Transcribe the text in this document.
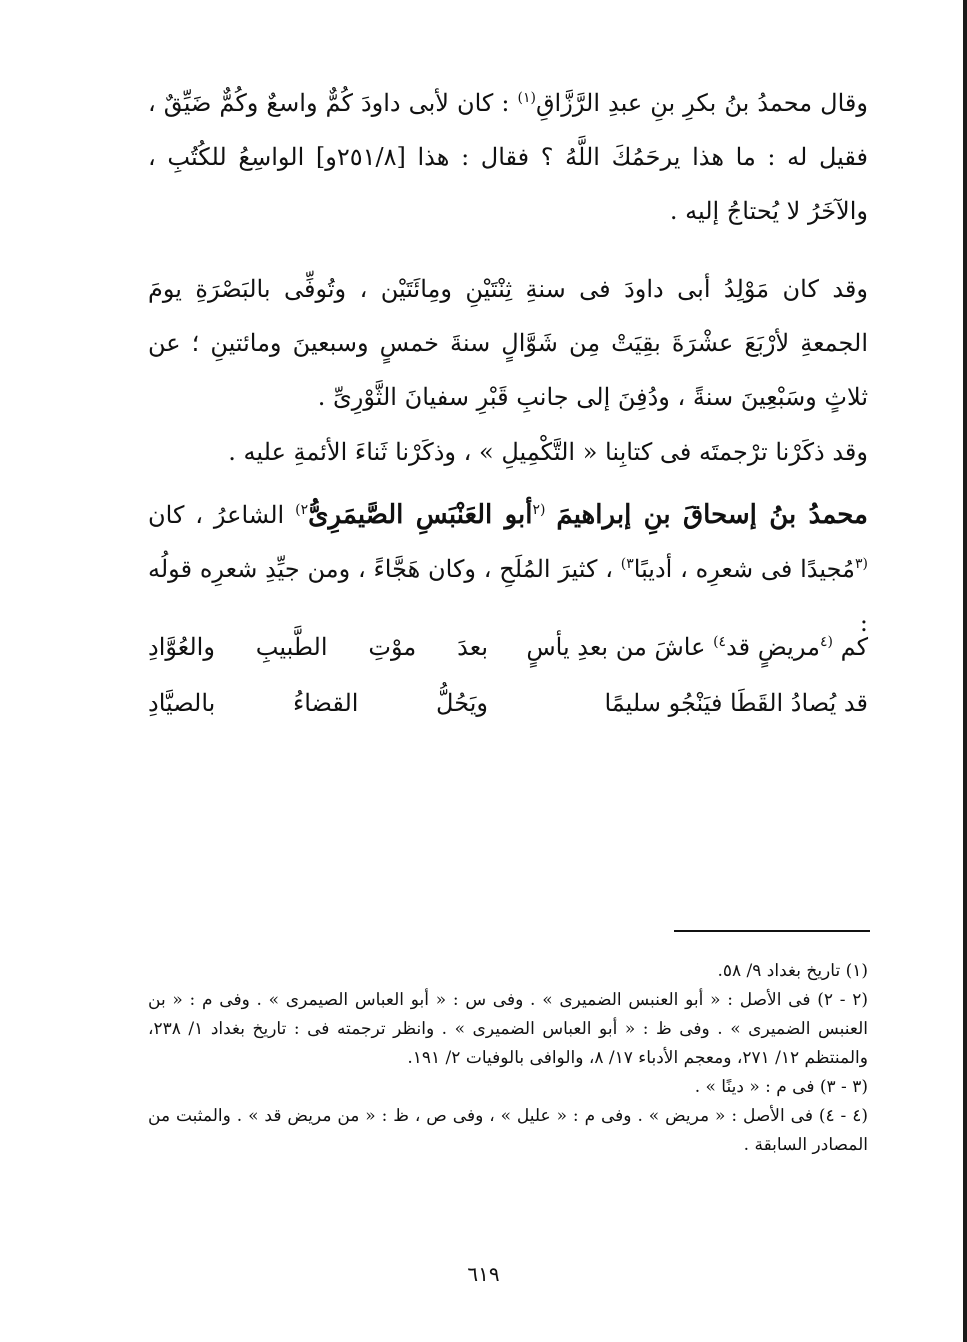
وقال محمدُ بنُ بكرِ بنِ عبدِ الرَّزَّاقِ$^{(١)}$ : كان لأبى داودَ كُمٌّ واسعٌ وكُمٌّ ضَيِّقٌ ، فقيل له : ما هذا يرحَمُكَ اللَّهُ ؟ فقال : هذا [٢٥١/٨و] الواسِعُ للكُتُبِ ، والآخَرُ لا يُحتاجُ إليه .
وقد كان مَوْلِدُ أبى داودَ فى سنةِ ثِنْتَيْنِ ومِائَتَيْن ، وتُوفِّى بالبَصْرَةِ يومَ الجمعةِ لأرْبَعَ عشْرَةَ بقِيَتْ مِن شَوَّالٍ سنةَ خمسٍ وسبعينَ ومائتينِ ؛ عن ثلاثٍ وسَبْعِينَ سنةً ، ودُفِنَ إلى جانبِ قَبْرِ سفيانَ الثَّوْرِىِّ .
وقد ذكَرْنا ترْجمتَه فى كتابِنا « التَّكْمِيلِ » ، وذكَرْنا ثَناءَ الأئمةِ عليه .
محمدُ بنُ إسحاقَ بنِ إبراهيمَ $^{(٢}$أبو العَنْبَسِ الصَّيمَرِىُّ$^{٢)}$ الشاعرُ ، كان $^{(٣}$مُجيدًا فى شعرِه ، أديبًا$^{٣)}$ ، كثيرَ المُلَحِ ، وكان هَجَّاءً ، ومن جيِّدِ شعرِه قولُه :
كم $^{(٤}$مريضٍ قد$^{٤)}$ عاشَ من بعدِ يأسٍ
بعدَ موْتِ الطَّبيبِ والعُوَّادِ
قد يُصادُ القَطَا فيَنْجُو سليمًا
ويَحُلُّ القضاءُ بالصيَّادِ

(١) تاريخ بغداد ٩/ ٥٨.

(٢ - ٢) فى الأصل : « أبو العنبس الضميرى » . وفى س : « أبو العباس الصيمرى » . وفى م : « بن العنبس الضميرى » . وفى ظ : « أبو العباس الضميرى » . وانظر ترجمته فى : تاريخ بغداد ١/ ٢٣٨، والمنتظم ١٢/ ٢٧١، ومعجم الأدباء ١٧/ ٨، والوافى بالوفيات ٢/ ١٩١.

(٣ - ٣) فى م : « دينًا » .

(٤ - ٤) فى الأصل : « مريض » . وفى م : « عليل » ، وفى ص ، ظ : « من مريض قد » . والمثبت من المصادر السابقة .

٦١٩
